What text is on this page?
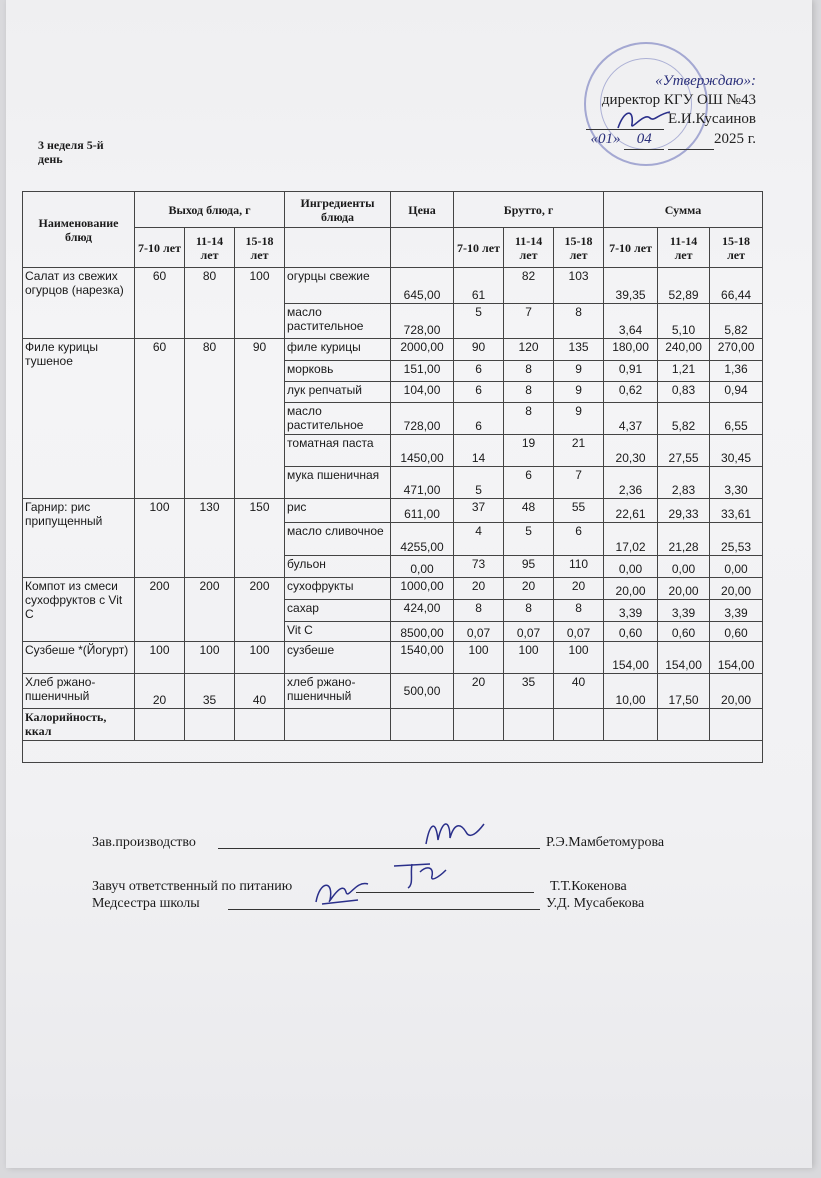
«Утверждаю»:
директор КГУ ОШ №43
Е.И.Кусаинов
«01» 04	2025 г.
3 неделя 5-й день
Наименование блюд	Выход блюда, г			Ингредиенты блюда	Цена	Брутто, г			Сумма		
	7-10 лет	11-14 лет	15-18 лет			7-10 лет	11-14 лет	15-18 лет	7-10 лет	11-14 лет	15-18 лет
Салат из свежих огурцов (нарезка)	60	80	100	огурцы свежие	645,00	61	82	103	39,35	52,89	66,44
				масло растительное	728,00	5	7	8	3,64	5,10	5,82
Филе курицы тушеное	60	80	90	филе курицы	2000,00	90	120	135	180,00	240,00	270,00
				морковь	151,00	6	8	9	0,91	1,21	1,36
				лук репчатый	104,00	6	8	9	0,62	0,83	0,94
				масло растительное	728,00	6	8	9	4,37	5,82	6,55
				томатная паста	1450,00	14	19	21	20,30	27,55	30,45
				мука пшеничная	471,00	5	6	7	2,36	2,83	3,30
Гарнир: рис припущенный	100	130	150	рис	611,00	37	48	55	22,61	29,33	33,61
				масло сливочное	4255,00	4	5	6	17,02	21,28	25,53
				бульон	0,00	73	95	110	0,00	0,00	0,00
Компот из смеси сухофруктов с Vit C	200	200	200	сухофрукты	1000,00	20	20	20	20,00	20,00	20,00
				сахар	424,00	8	8	8	3,39	3,39	3,39
				Vit C	8500,00	0,07	0,07	0,07	0,60	0,60	0,60
Сузбеше *(Йогурт)	100	100	100	сузбеше	1540,00	100	100	100	154,00	154,00	154,00
Хлеб ржано-пшеничный	20	35	40	хлеб ржано-пшеничный	500,00	20	35	40	10,00	17,50	20,00
Калорийность, ккал											

Зав.производство	Р.Э.Мамбетомурова
Завуч ответственный по питанию	Т.Т.Кокенова
Медсестра школы	У.Д. Мусабекова
